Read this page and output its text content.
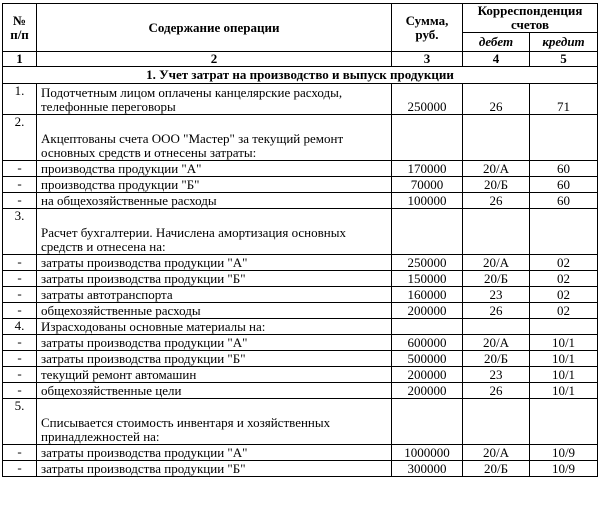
№ п/п	Содержание операции	Сумма, руб.	Корреспонденция счетов	
			дебет	кредит
1	2	3	4	5
1. Учет затрат на производство и выпуск продукции				
1.	Подотчетным лицом оплачены канцелярские расходы, телефонные переговоры	250000	26	71
2.	Акцептованы счета ООО "Мастер" за текущий ремонт основных средств и отнесены затраты:			
-	производства продукции "А"	170000	20/А	60
-	производства продукции "Б"	70000	20/Б	60
-	на общехозяйственные расходы	100000	26	60
3.	Расчет бухгалтерии. Начислена амортизация основных средств и отнесена на:			
-	затраты производства продукции "А"	250000	20/А	02
-	затраты производства продукции "Б"	150000	20/Б	02
-	затраты автотранспорта	160000	23	02
-	общехозяйственные расходы	200000	26	02
4.	Израсходованы основные материалы на:			
-	затраты производства продукции "А"	600000	20/А	10/1
-	затраты производства продукции "Б"	500000	20/Б	10/1
-	текущий ремонт автомашин	200000	23	10/1
-	общехозяйственные цели	200000	26	10/1
5.	Списывается стоимость инвентаря и хозяйственных принадлежностей на:			
-	затраты производства продукции "А"	1000000	20/А	10/9
-	затраты производства продукции "Б"	300000	20/Б	10/9
